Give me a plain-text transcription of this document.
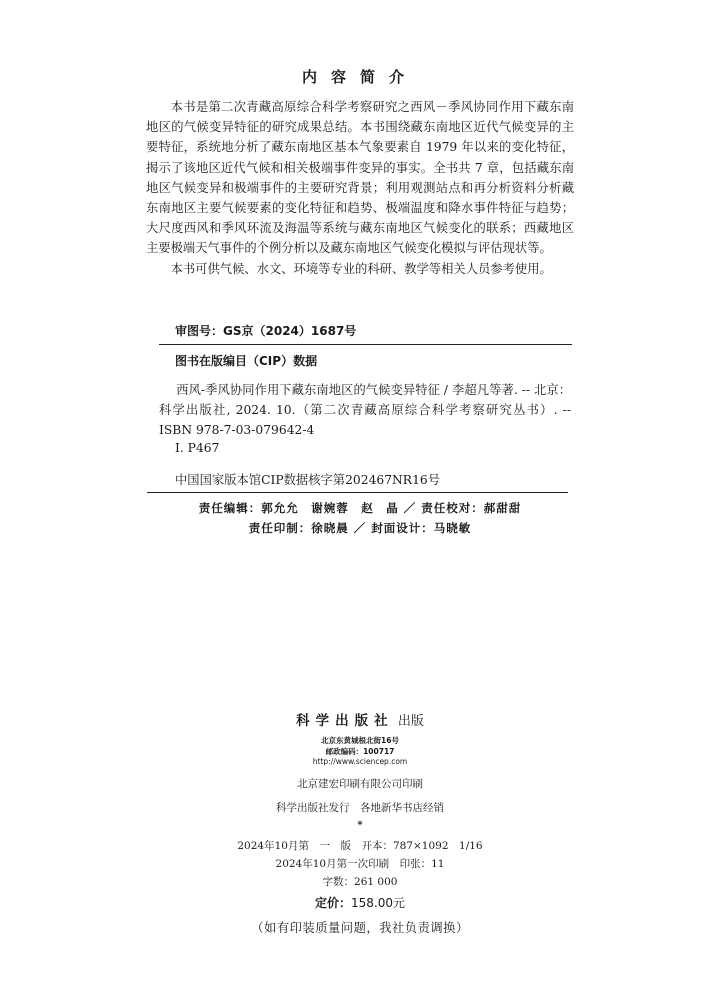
内容简介

本书是第二次青藏高原综合科学考察研究之西风－季风协同作用下藏东南地区的气候变异特征的研究成果总结。本书围绕藏东南地区近代气候变异的主要特征，系统地分析了藏东南地区基本气象要素自 1979 年以来的变化特征，揭示了该地区近代气候和相关极端事件变异的事实。全书共 7 章，包括藏东南地区气候变异和极端事件的主要研究背景；利用观测站点和再分析资料分析藏东南地区主要气候要素的变化特征和趋势、极端温度和降水事件特征与趋势；大尺度西风和季风环流及海温等系统与藏东南地区气候变化的联系；西藏地区主要极端天气事件的个例分析以及藏东南地区气候变化模拟与评估现状等。

本书可供气候、水文、环境等专业的科研、教学等相关人员参考使用。

审图号：GS京（2024）1687号
图书在版编目（CIP）数据
西风-季风协同作用下藏东南地区的气候变异特征 / 李超凡等著. -- 北京：科学出版社, 2024. 10.（第二次青藏高原综合科学考察研究丛书）. -- ISBN 978-7-03-079642-4
Ⅰ. P467
中国国家版本馆CIP数据核字第202467NR16号
责任编辑：郭允允　谢婉蓉　赵　晶 ／ 责任校对：郝甜甜
责任印制：徐晓晨 ／ 封面设计：马晓敏
科学出版社 出版
北京东黄城根北街16号
邮政编码：100717
http://www.sciencep.com
北京建宏印刷有限公司印刷
科学出版社发行　各地新华书店经销
*
2024年10月第　一　版　开本：787×1092　1/16
2024年10月第一次印刷　印张：11
字数：261 000
定价：158.00元
（如有印装质量问题，我社负责调换）
